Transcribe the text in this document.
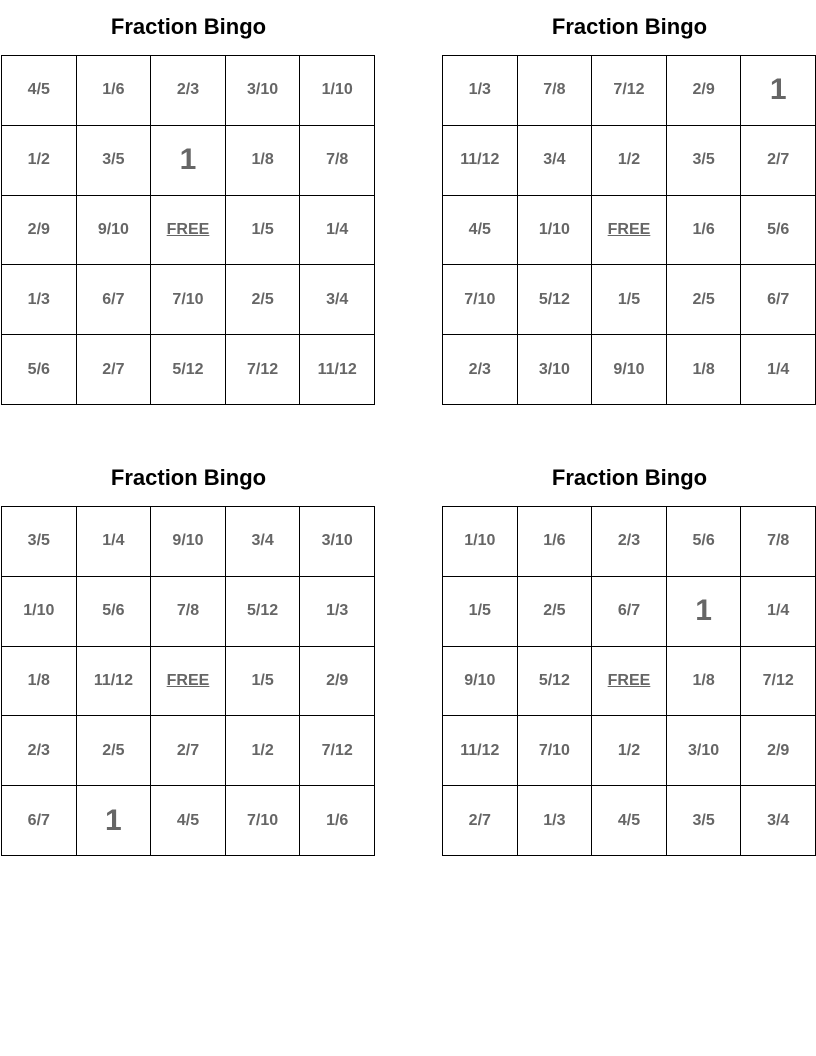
Fraction Bingo
4/5	1/6	2/3	3/10	1/10
1/2	3/5	1	1/8	7/8
2/9	9/10	FREE	1/5	1/4
1/3	6/7	7/10	2/5	3/4
5/6	2/7	5/12	7/12	11/12
Fraction Bingo
1/3	7/8	7/12	2/9	1
11/12	3/4	1/2	3/5	2/7
4/5	1/10	FREE	1/6	5/6
7/10	5/12	1/5	2/5	6/7
2/3	3/10	9/10	1/8	1/4
Fraction Bingo
3/5	1/4	9/10	3/4	3/10
1/10	5/6	7/8	5/12	1/3
1/8	11/12	FREE	1/5	2/9
2/3	2/5	2/7	1/2	7/12
6/7	1	4/5	7/10	1/6
Fraction Bingo
1/10	1/6	2/3	5/6	7/8
1/5	2/5	6/7	1	1/4
9/10	5/12	FREE	1/8	7/12
11/12	7/10	1/2	3/10	2/9
2/7	1/3	4/5	3/5	3/4
